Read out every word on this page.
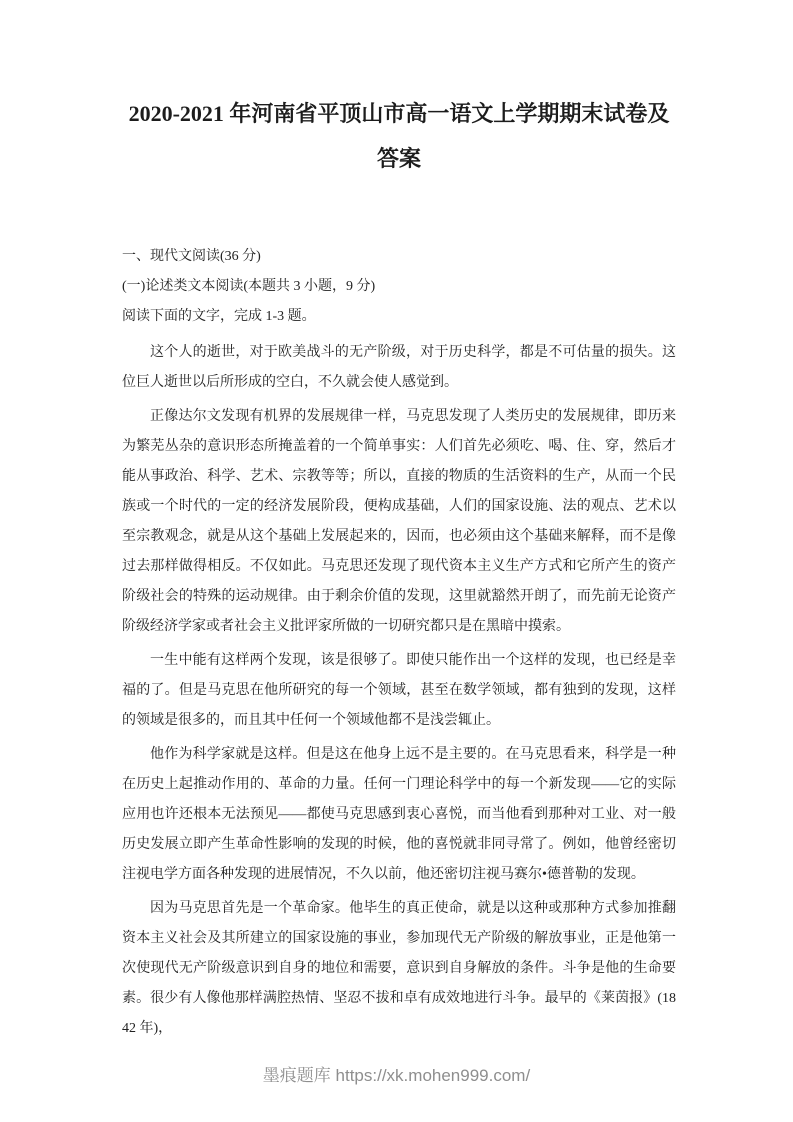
2020-2021 年河南省平顶山市高一语文上学期期末试卷及答案

一、现代文阅读(36 分)

(一)论述类文本阅读(本题共 3 小题，9 分)

阅读下面的文字，完成 1-3 题。

这个人的逝世，对于欧美战斗的无产阶级，对于历史科学，都是不可估量的损失。这位巨人逝世以后所形成的空白，不久就会使人感觉到。

正像达尔文发现有机界的发展规律一样，马克思发现了人类历史的发展规律，即历来为繁芜丛杂的意识形态所掩盖着的一个简单事实：人们首先必须吃、喝、住、穿，然后才能从事政治、科学、艺术、宗教等等；所以，直接的物质的生活资料的生产，从而一个民族或一个时代的一定的经济发展阶段，便构成基础，人们的国家设施、法的观点、艺术以至宗教观念，就是从这个基础上发展起来的，因而，也必须由这个基础来解释，而不是像过去那样做得相反。不仅如此。马克思还发现了现代资本主义生产方式和它所产生的资产阶级社会的特殊的运动规律。由于剩余价值的发现，这里就豁然开朗了，而先前无论资产阶级经济学家或者社会主义批评家所做的一切研究都只是在黑暗中摸索。

一生中能有这样两个发现，该是很够了。即使只能作出一个这样的发现，也已经是幸福的了。但是马克思在他所研究的每一个领域，甚至在数学领域，都有独到的发现，这样的领域是很多的，而且其中任何一个领域他都不是浅尝辄止。

他作为科学家就是这样。但是这在他身上远不是主要的。在马克思看来，科学是一种在历史上起推动作用的、革命的力量。任何一门理论科学中的每一个新发现——它的实际应用也许还根本无法预见——都使马克思感到衷心喜悦，而当他看到那种对工业、对一般历史发展立即产生革命性影响的发现的时候，他的喜悦就非同寻常了。例如，他曾经密切注视电学方面各种发现的进展情况，不久以前，他还密切注视马赛尔•德普勒的发现。

因为马克思首先是一个革命家。他毕生的真正使命，就是以这种或那种方式参加推翻资本主义社会及其所建立的国家设施的事业，参加现代无产阶级的解放事业，正是他第一次使现代无产阶级意识到自身的地位和需要，意识到自身解放的条件。斗争是他的生命要素。很少有人像他那样满腔热情、坚忍不拔和卓有成效地进行斗争。最早的《莱茵报》(1842 年)，

墨痕题库 https://xk.mohen999.com/
